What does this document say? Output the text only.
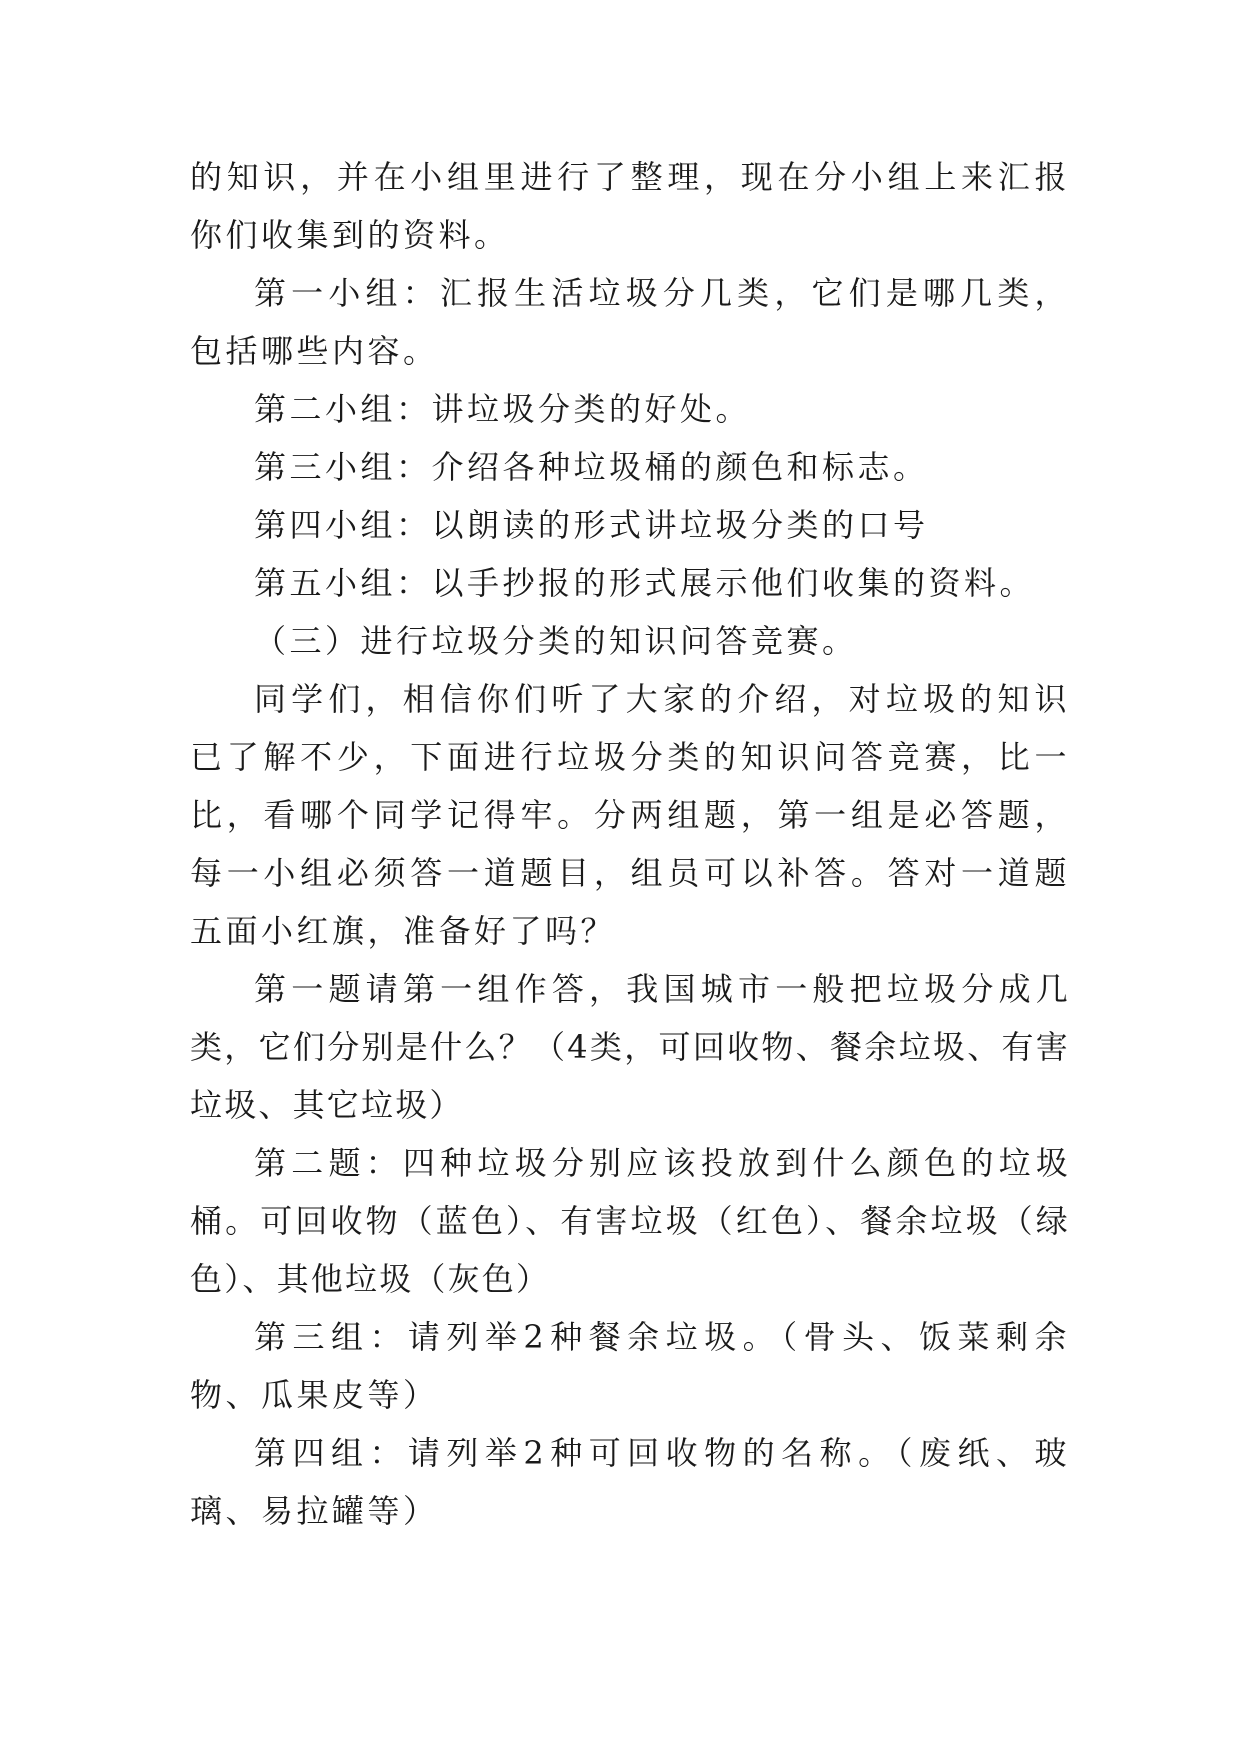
的知识，并在小组里进行了整理，现在分小组上来汇报你们收集到的资料。

第一小组：汇报生活垃圾分几类，它们是哪几类，包括哪些内容。

第二小组：讲垃圾分类的好处。

第三小组：介绍各种垃圾桶的颜色和标志。

第四小组：以朗读的形式讲垃圾分类的口号

第五小组：以手抄报的形式展示他们收集的资料。

（三）进行垃圾分类的知识问答竞赛。

同学们，相信你们听了大家的介绍，对垃圾的知识已了解不少，下面进行垃圾分类的知识问答竞赛，比一比，看哪个同学记得牢。分两组题，第一组是必答题，每一小组必须答一道题目，组员可以补答。答对一道题五面小红旗，准备好了吗？

第一题请第一组作答，我国城市一般把垃圾分成几类，它们分别是什么？（4类，可回收物、餐余垃圾、有害垃圾、其它垃圾）

第二题：四种垃圾分别应该投放到什么颜色的垃圾桶。可回收物（蓝色）、有害垃圾（红色）、餐余垃圾（绿色）、其他垃圾（灰色）

第三组：请列举2种餐余垃圾。（骨头、饭菜剩余物、瓜果皮等）

第四组：请列举2种可回收物的名称。（废纸、玻璃、易拉罐等）
